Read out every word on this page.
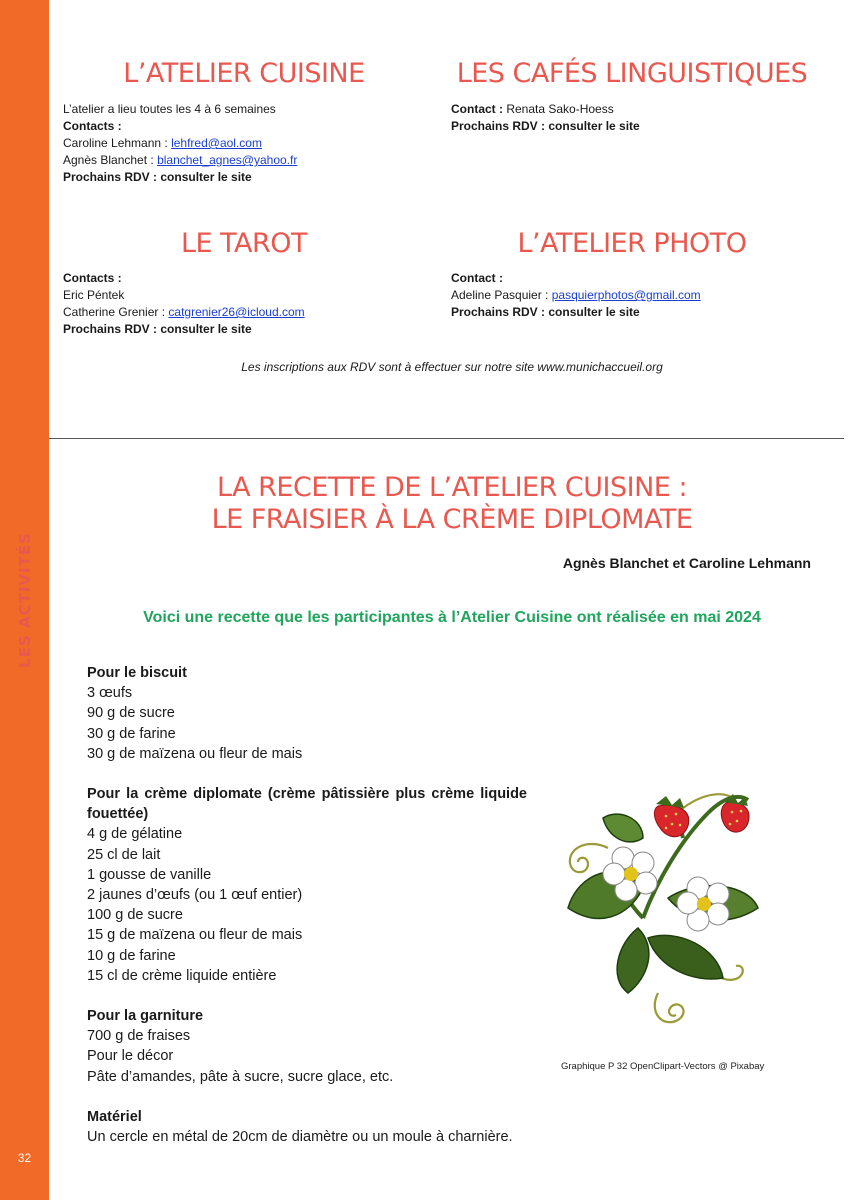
LES ACTIVITÉS
32
L’ATELIER CUISINE
L’atelier a lieu toutes les 4 à 6 semaines
Contacts :
Caroline Lehmann : lehfred@aol.com
Agnès Blanchet : blanchet_agnes@yahoo.fr
Prochains RDV : consulter le site
LES CAFÉS LINGUISTIQUES
Contact : Renata Sako-Hoess
Prochains RDV : consulter le site
LE TAROT
Contacts :
Eric Péntek
Catherine Grenier : catgrenier26@icloud.com
Prochains RDV : consulter le site
L’ATELIER PHOTO
Contact :
Adeline Pasquier : pasquierphotos@gmail.com
Prochains RDV : consulter le site
Les inscriptions aux RDV sont à effectuer sur notre site www.munichaccueil.org
LA RECETTE DE L’ATELIER CUISINE :
LE FRAISIER À LA CRÈME DIPLOMATE
Agnès Blanchet et Caroline Lehmann
Voici une recette que les participantes à l’Atelier Cuisine ont réalisée en mai 2024
Pour le biscuit
3 œufs
90 g de sucre
30 g de farine
30 g de maïzena ou fleur de mais
Pour la crème diplomate (crème pâtissière plus crème liquide fouettée)
4 g de gélatine
25 cl de lait
1 gousse de vanille
2 jaunes d’œufs (ou 1 œuf entier)
100 g de sucre
15 g de maïzena ou fleur de mais
10 g de farine
15 cl de crème liquide entière
Pour la garniture
700 g de fraises
Pour le décor
Pâte d’amandes, pâte à sucre, sucre glace, etc.
Matériel
Un cercle en métal de 20cm de diamètre ou un moule à charnière.
Graphique P 32 OpenClipart-Vectors @ Pixabay
